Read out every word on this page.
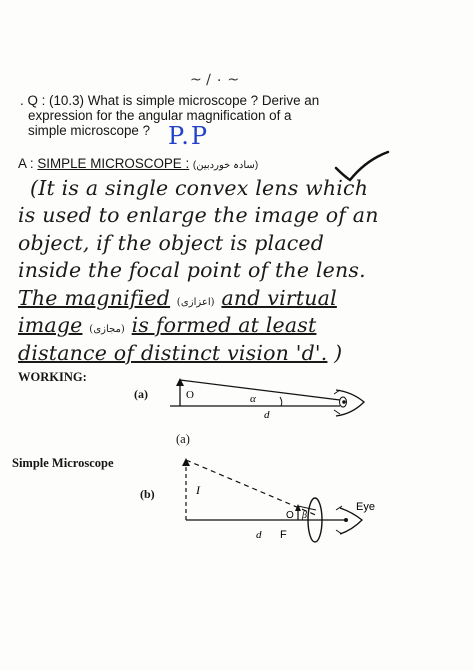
~ ∕ ٠ ~
. Q : (10.3) What is simple microscope ? Derive an
expression for the angular magnification of a
simple microscope ? P.P
A : SIMPLE MICROSCOPE : (سادہ خوردبین)
(It is a single convex lens which
is used to enlarge the image of an
object, if the object is placed
inside the focal point of the lens.
The magnified (اعزازی) and virtual
image (مجازی) is formed at least
distance of distinct vision 'd'. )
WORKING:
(a)	O	α
d
I
O β
d F
Eye
(a)
Simple Microscope
(b)
